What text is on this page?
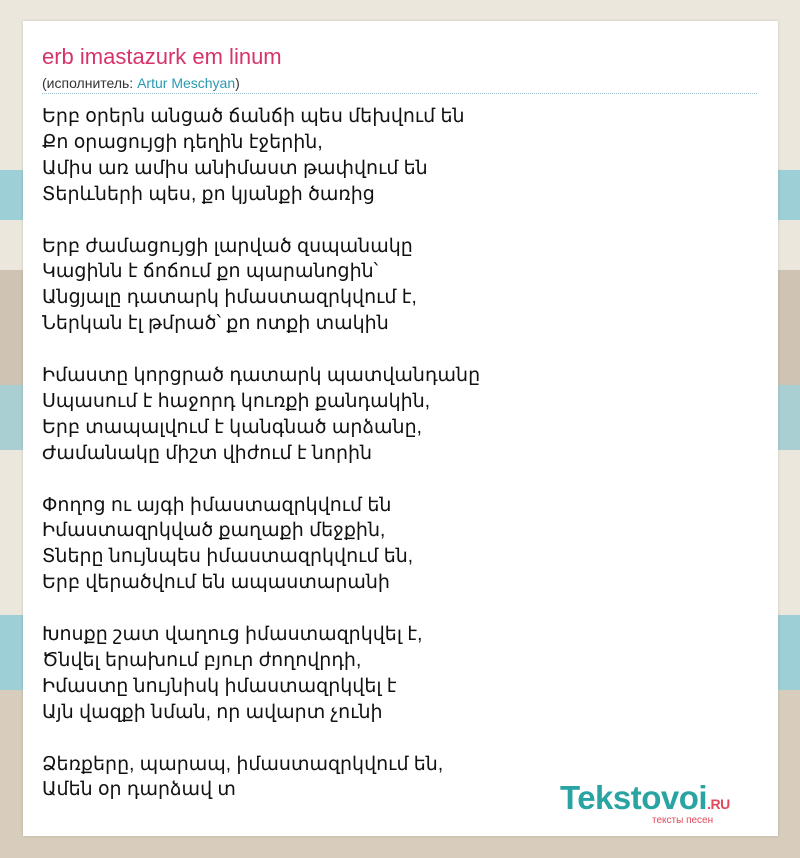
erb imastazurk em linum
(исполнитель: Artur Meschyan)
Երբ օրերն անցած ճանճի պես մեխվում են
Քո օրացույցի դեղին էջերին,
Ամիս առ ամիս անիմաստ թափվում են
Տերևների պես, քո կյանքի ծառից
Երբ ժամացույցի լարված զսպանակը
Կացինն է ճոճում քո պարանոցին՝
Անցյալը դատարկ իմաստազրկվում է,
Ներկան էլ թմրած՝ քո ոտքի տակին
Իմաստը կորցրած դատարկ պատվանդանը
Սպասում է հաջորդ կուռքի քանդակին,
Երբ տապալվում է կանգնած արձանը,
Ժամանակը միշտ վիժում է նորին
Փողոց ու այգի իմաստազրկվում են
Իմաստազրկված քաղաքի մեջքին,
Տները նույնպես իմաստազրկվում են,
Երբ վերածվում են ապաստարանի
Խոսքը շատ վաղուց իմաստազրկվել է,
Ծնվել երախում բյուր ժողովրդի,
Իմաստը նույնիսկ իմաստազրկվել է
Այն վազքի նման, որ ավարտ չունի
Ձեռքերը, պարապ, իմաստազրկվում են,
Ամեն օր դարձավ տ	Tekstovoi.RU
тексты песен
